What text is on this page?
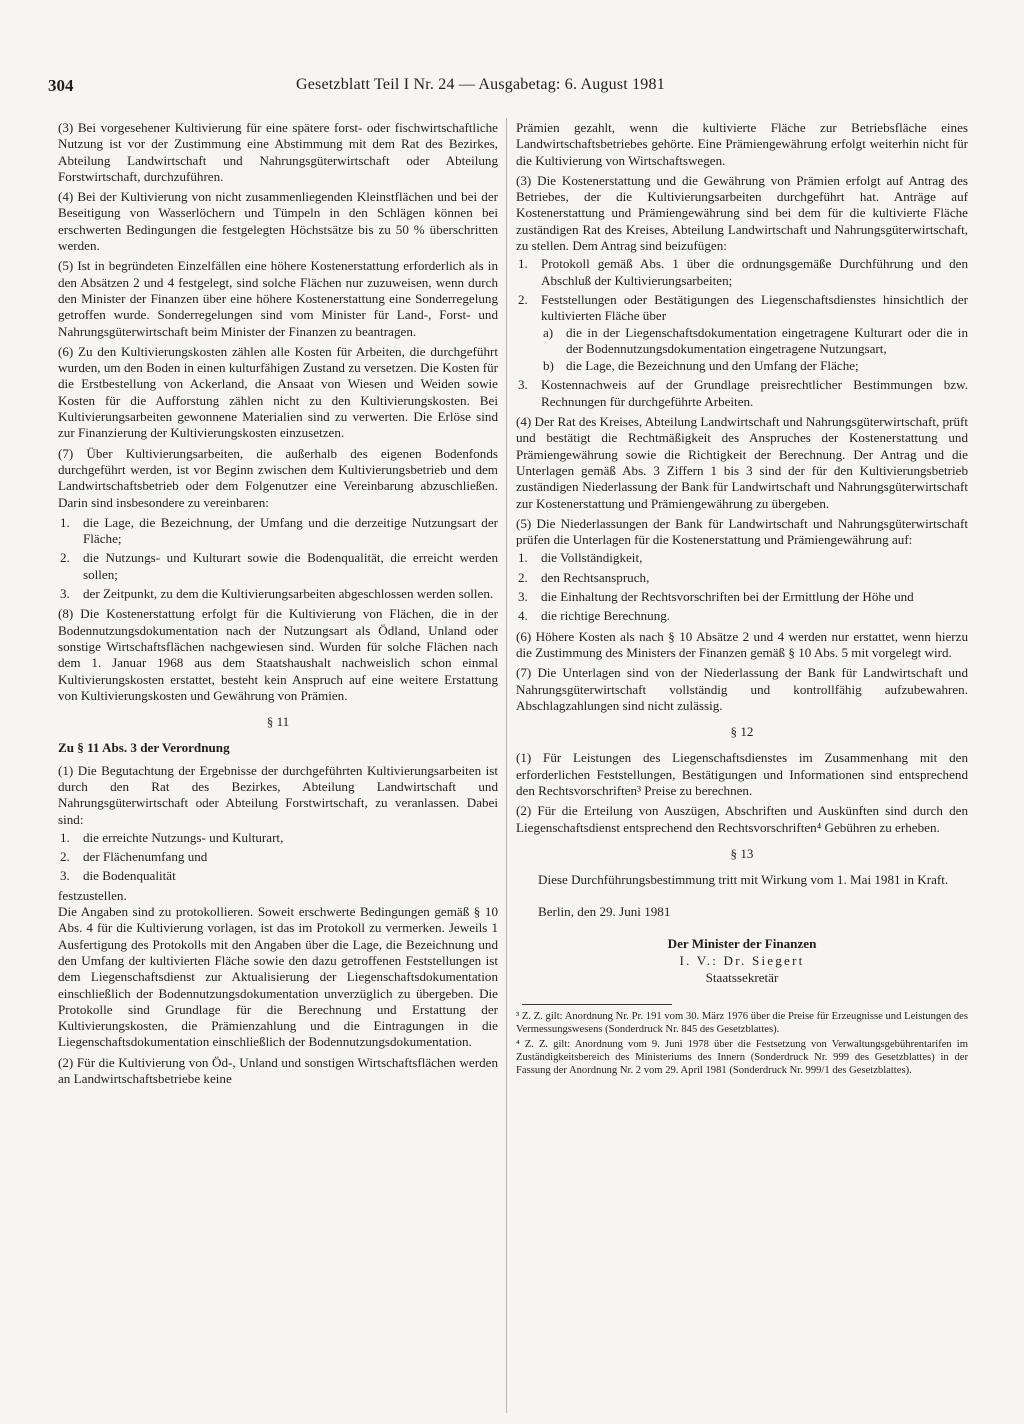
304	Gesetzblatt Teil I Nr. 24 — Ausgabetag: 6. August 1981

(3) Bei vorgesehener Kultivierung für eine spätere forst- oder fischwirtschaftliche Nutzung ist vor der Zustimmung eine Abstimmung mit dem Rat des Bezirkes, Abteilung Landwirtschaft und Nahrungsgüterwirtschaft oder Abteilung Forstwirtschaft, durchzuführen.

(4) Bei der Kultivierung von nicht zusammenliegenden Kleinstflächen und bei der Beseitigung von Wasserlöchern und Tümpeln in den Schlägen können bei erschwerten Bedingungen die festgelegten Höchstsätze bis zu 50 % überschritten werden.

(5) Ist in begründeten Einzelfällen eine höhere Kostenerstattung erforderlich als in den Absätzen 2 und 4 festgelegt, sind solche Flächen nur zuzuweisen, wenn durch den Minister der Finanzen über eine höhere Kostenerstattung eine Sonderregelung getroffen wurde. Sonderregelungen sind vom Minister für Land-, Forst- und Nahrungsgüterwirtschaft beim Minister der Finanzen zu beantragen.

(6) Zu den Kultivierungskosten zählen alle Kosten für Arbeiten, die durchgeführt wurden, um den Boden in einen kulturfähigen Zustand zu versetzen. Die Kosten für die Erstbestellung von Ackerland, die Ansaat von Wiesen und Weiden sowie Kosten für die Aufforstung zählen nicht zu den Kultivierungskosten. Bei Kultivierungsarbeiten gewonnene Materialien sind zu verwerten. Die Erlöse sind zur Finanzierung der Kultivierungskosten einzusetzen.

(7) Über Kultivierungsarbeiten, die außerhalb des eigenen Bodenfonds durchgeführt werden, ist vor Beginn zwischen dem Kultivierungsbetrieb und dem Landwirtschaftsbetrieb oder dem Folgenutzer eine Vereinbarung abzuschließen. Darin sind insbesondere zu vereinbaren:

1. die Lage, die Bezeichnung, der Umfang und die derzeitige Nutzungsart der Fläche;
2. die Nutzungs- und Kulturart sowie die Bodenqualität, die erreicht werden sollen;
3. der Zeitpunkt, zu dem die Kultivierungsarbeiten abgeschlossen werden sollen.

(8) Die Kostenerstattung erfolgt für die Kultivierung von Flächen, die in der Bodennutzungsdokumentation nach der Nutzungsart als Ödland, Unland oder sonstige Wirtschaftsflächen nachgewiesen sind. Wurden für solche Flächen nach dem 1. Januar 1968 aus dem Staatshaushalt nachweislich schon einmal Kultivierungskosten erstattet, besteht kein Anspruch auf eine weitere Erstattung von Kultivierungskosten und Gewährung von Prämien.

§ 11
Zu § 11 Abs. 3 der Verordnung

(1) Die Begutachtung der Ergebnisse der durchgeführten Kultivierungsarbeiten ist durch den Rat des Bezirkes, Abteilung Landwirtschaft und Nahrungsgüterwirtschaft oder Abteilung Forstwirtschaft, zu veranlassen. Dabei sind:

1. die erreichte Nutzungs- und Kulturart,
2. der Flächenumfang und
3. die Bodenqualität

festzustellen.

Die Angaben sind zu protokollieren. Soweit erschwerte Bedingungen gemäß § 10 Abs. 4 für die Kultivierung vorlagen, ist das im Protokoll zu vermerken. Jeweils 1 Ausfertigung des Protokolls mit den Angaben über die Lage, die Bezeichnung und den Umfang der kultivierten Fläche sowie den dazu getroffenen Feststellungen ist dem Liegenschaftsdienst zur Aktualisierung der Liegenschaftsdokumentation einschließlich der Bodennutzungsdokumentation unverzüglich zu übergeben. Die Protokolle sind Grundlage für die Berechnung und Erstattung der Kultivierungskosten, die Prämienzahlung und die Eintragungen in die Liegenschaftsdokumentation einschließlich der Bodennutzungsdokumentation.

(2) Für die Kultivierung von Öd-, Unland und sonstigen Wirtschaftsflächen werden an Landwirtschaftsbetriebe keine

Prämien gezahlt, wenn die kultivierte Fläche zur Betriebsfläche eines Landwirtschaftsbetriebes gehörte. Eine Prämiengewährung erfolgt weiterhin nicht für die Kultivierung von Wirtschaftswegen.

(3) Die Kostenerstattung und die Gewährung von Prämien erfolgt auf Antrag des Betriebes, der die Kultivierungsarbeiten durchgeführt hat. Anträge auf Kostenerstattung und Prämiengewährung sind bei dem für die kultivierte Fläche zuständigen Rat des Kreises, Abteilung Landwirtschaft und Nahrungsgüterwirtschaft, zu stellen. Dem Antrag sind beizufügen:

1. Protokoll gemäß Abs. 1 über die ordnungsgemäße Durchführung und den Abschluß der Kultivierungsarbeiten;
2. Feststellungen oder Bestätigungen des Liegenschaftsdienstes hinsichtlich der kultivierten Fläche über
a) die in der Liegenschaftsdokumentation eingetragene Kulturart oder die in der Bodennutzungsdokumentation eingetragene Nutzungsart,
b) die Lage, die Bezeichnung und den Umfang der Fläche;
3. Kostennachweis auf der Grundlage preisrechtlicher Bestimmungen bzw. Rechnungen für durchgeführte Arbeiten.

(4) Der Rat des Kreises, Abteilung Landwirtschaft und Nahrungsgüterwirtschaft, prüft und bestätigt die Rechtmäßigkeit des Anspruches der Kostenerstattung und Prämiengewährung sowie die Richtigkeit der Berechnung. Der Antrag und die Unterlagen gemäß Abs. 3 Ziffern 1 bis 3 sind der für den Kultivierungsbetrieb zuständigen Niederlassung der Bank für Landwirtschaft und Nahrungsgüterwirtschaft zur Kostenerstattung und Prämiengewährung zu übergeben.

(5) Die Niederlassungen der Bank für Landwirtschaft und Nahrungsgüterwirtschaft prüfen die Unterlagen für die Kostenerstattung und Prämiengewährung auf:

1. die Vollständigkeit,
2. den Rechtsanspruch,
3. die Einhaltung der Rechtsvorschriften bei der Ermittlung der Höhe und
4. die richtige Berechnung.

(6) Höhere Kosten als nach § 10 Absätze 2 und 4 werden nur erstattet, wenn hierzu die Zustimmung des Ministers der Finanzen gemäß § 10 Abs. 5 mit vorgelegt wird.

(7) Die Unterlagen sind von der Niederlassung der Bank für Landwirtschaft und Nahrungsgüterwirtschaft vollständig und kontrollfähig aufzubewahren. Abschlagzahlungen sind nicht zulässig.

§ 12

(1) Für Leistungen des Liegenschaftsdienstes im Zusammenhang mit den erforderlichen Feststellungen, Bestätigungen und Informationen sind entsprechend den Rechtsvorschriften³ Preise zu berechnen.

(2) Für die Erteilung von Auszügen, Abschriften und Auskünften sind durch den Liegenschaftsdienst entsprechend den Rechtsvorschriften⁴ Gebühren zu erheben.

§ 13

Diese Durchführungsbestimmung tritt mit Wirkung vom 1. Mai 1981 in Kraft.

Berlin, den 29. Juni 1981
Der Minister der Finanzen
I. V.: Dr. Siegert
Staatssekretär

³ Z. Z. gilt: Anordnung Nr. Pr. 191 vom 30. März 1976 über die Preise für Erzeugnisse und Leistungen des Vermessungswesens (Sonderdruck Nr. 845 des Gesetzblattes).

⁴ Z. Z. gilt: Anordnung vom 9. Juni 1978 über die Festsetzung von Verwaltungsgebührentarifen im Zuständigkeitsbereich des Ministeriums des Innern (Sonderdruck Nr. 999 des Gesetzblattes) in der Fassung der Anordnung Nr. 2 vom 29. April 1981 (Sonderdruck Nr. 999/1 des Gesetzblattes).
